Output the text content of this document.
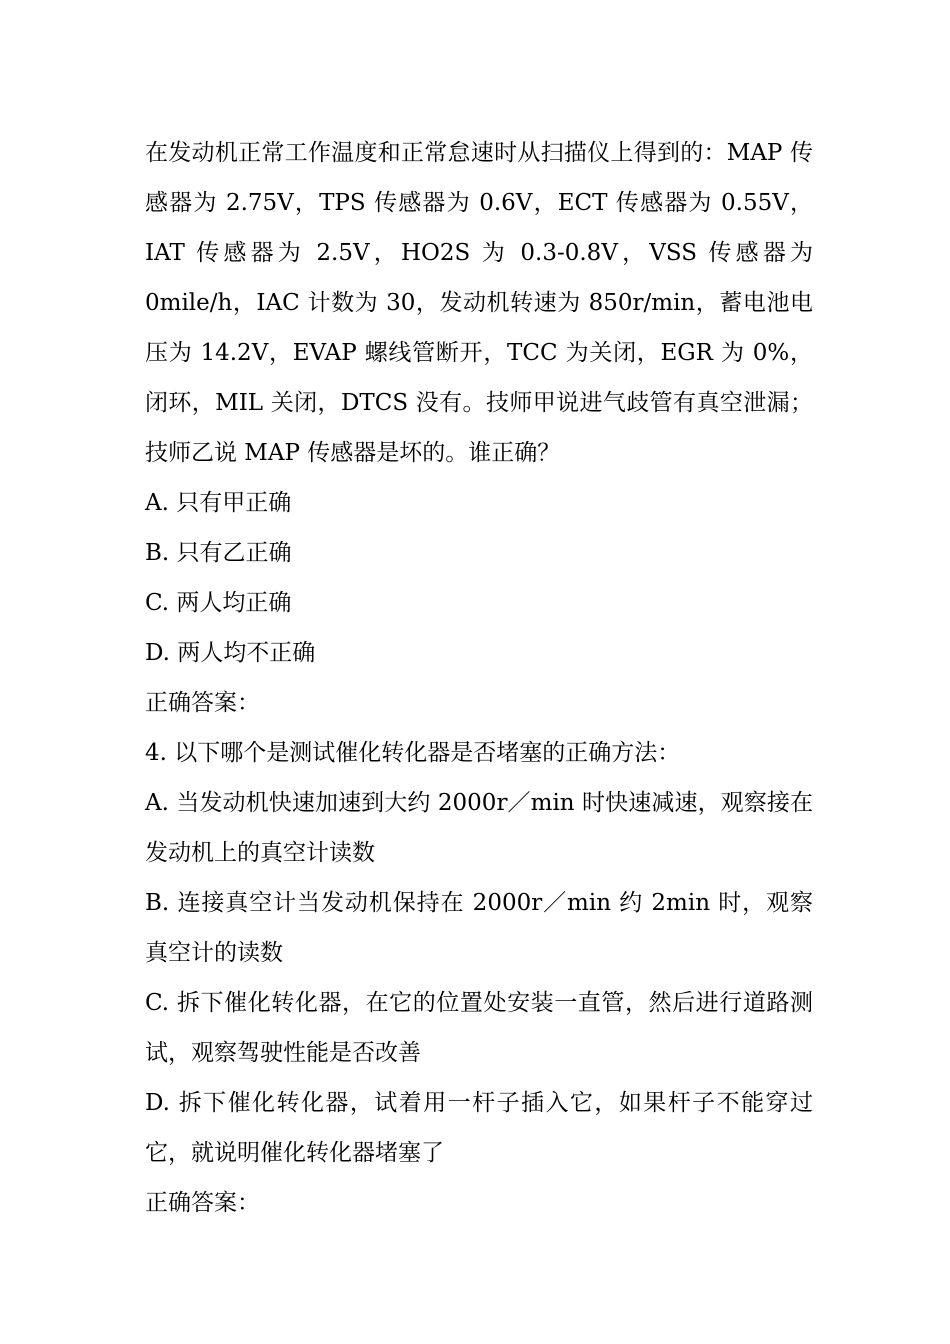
在发动机正常工作温度和正常怠速时从扫描仪上得到的：MAP 传感器为 2.75V，TPS 传感器为 0.6V，ECT 传感器为 0.55V，IAT 传感器为 2.5V，HO2S 为 0.3-0.8V，VSS 传感器为 0mile/h，IAC 计数为 30，发动机转速为 850r/min，蓄电池电压为 14.2V，EVAP 螺线管断开，TCC 为关闭，EGR 为 0%，闭环，MIL 关闭，DTCS 没有。技师甲说进气歧管有真空泄漏；技师乙说 MAP 传感器是坏的。谁正确？

A. 只有甲正确

B. 只有乙正确

C. 两人均正确

D. 两人均不正确

正确答案：

4. 以下哪个是测试催化转化器是否堵塞的正确方法：

A. 当发动机快速加速到大约 2000r／min 时快速减速，观察接在发动机上的真空计读数

B. 连接真空计当发动机保持在 2000r／min 约 2min 时，观察真空计的读数

C. 拆下催化转化器，在它的位置处安装一直管，然后进行道路测试，观察驾驶性能是否改善

D. 拆下催化转化器，试着用一杆子插入它，如果杆子不能穿过它，就说明催化转化器堵塞了

正确答案：
